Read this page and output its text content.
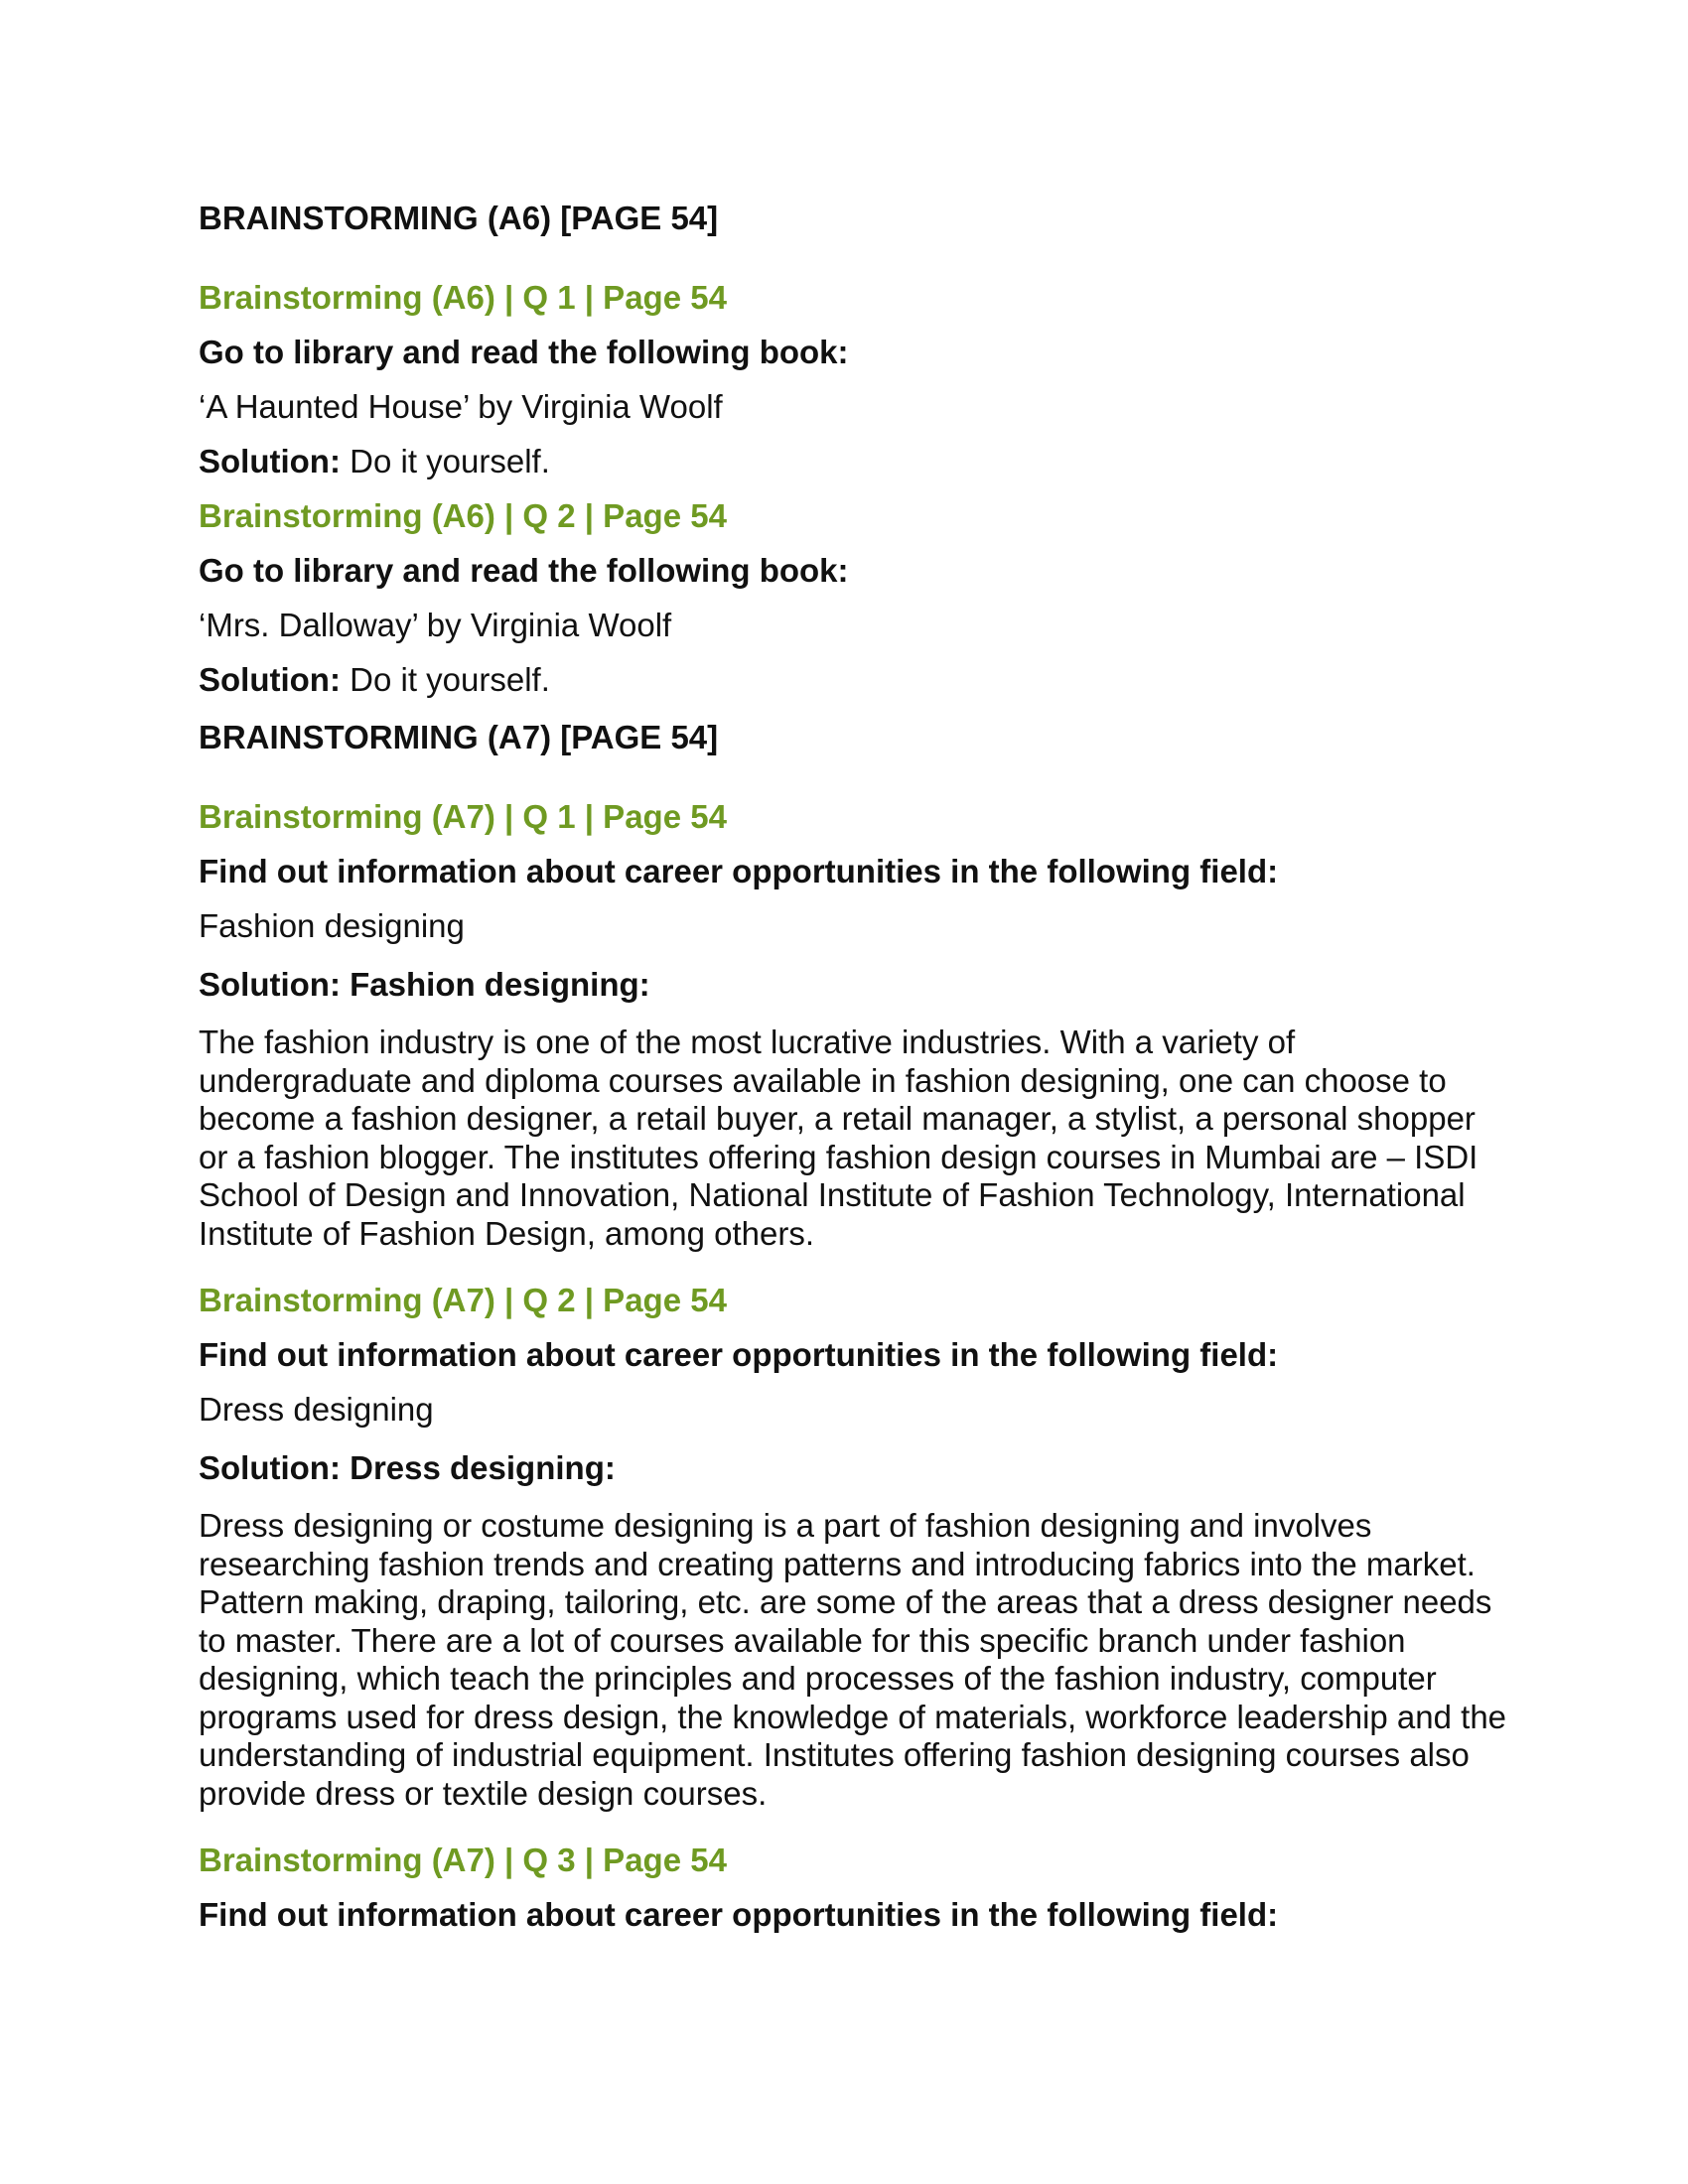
BRAINSTORMING (A6) [PAGE 54]

Brainstorming (A6) | Q 1 | Page 54

Go to library and read the following book:

‘A Haunted House’ by Virginia Woolf

Solution: Do it yourself.

Brainstorming (A6) | Q 2 | Page 54

Go to library and read the following book:

‘Mrs. Dalloway’ by Virginia Woolf

Solution: Do it yourself.

BRAINSTORMING (A7) [PAGE 54]

Brainstorming (A7) | Q 1 | Page 54

Find out information about career opportunities in the following field:

Fashion designing

Solution: Fashion designing:

The fashion industry is one of the most lucrative industries. With a variety of undergraduate and diploma courses available in fashion designing, one can choose to become a fashion designer, a retail buyer, a retail manager, a stylist, a personal shopper or a fashion blogger. The institutes offering fashion design courses in Mumbai are – ISDI School of Design and Innovation, National Institute of Fashion Technology, International Institute of Fashion Design, among others.

Brainstorming (A7) | Q 2 | Page 54

Find out information about career opportunities in the following field:

Dress designing

Solution: Dress designing:

Dress designing or costume designing is a part of fashion designing and involves researching fashion trends and creating patterns and introducing fabrics into the market. Pattern making, draping, tailoring, etc. are some of the areas that a dress designer needs to master. There are a lot of courses available for this specific branch under fashion designing, which teach the principles and processes of the fashion industry, computer programs used for dress design, the knowledge of materials, workforce leadership and the understanding of industrial equipment. Institutes offering fashion designing courses also provide dress or textile design courses.

Brainstorming (A7) | Q 3 | Page 54

Find out information about career opportunities in the following field:
